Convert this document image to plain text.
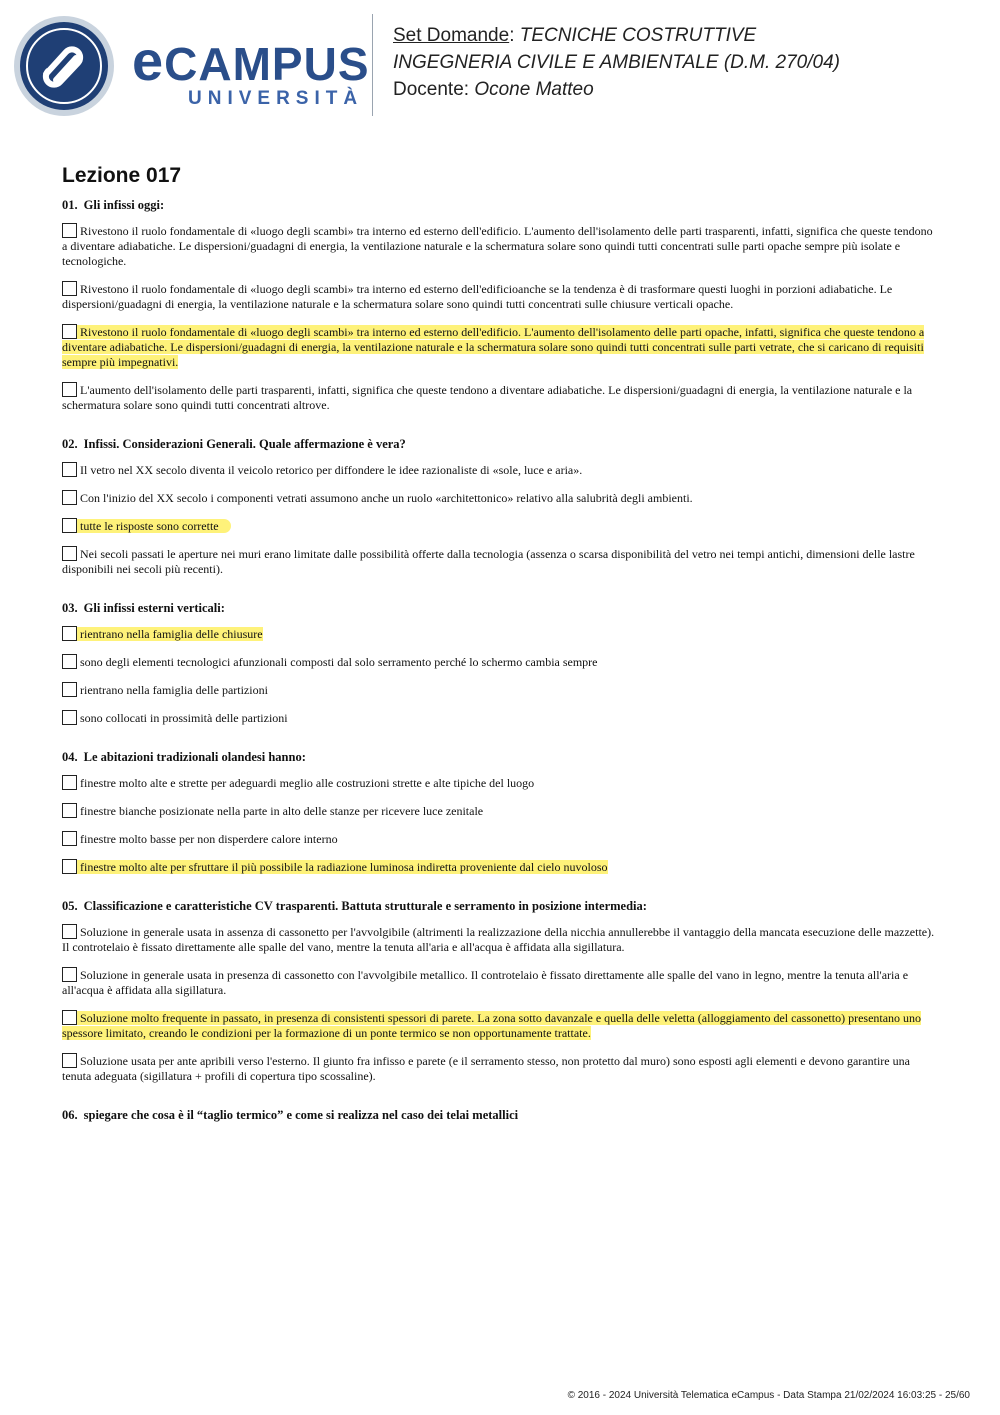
eCAMPUS
UNIVERSITÀ
Set Domande: TECNICHE COSTRUTTIVE
INGEGNERIA CIVILE E AMBIENTALE (D.M. 270/04)
Docente: Ocone Matteo
Lezione 017
01. Gli infissi oggi:
Rivestono il ruolo fondamentale di «luogo degli scambi» tra interno ed esterno dell'edificio. L'aumento dell'isolamento delle parti trasparenti, infatti, significa che queste tendono a diventare adiabatiche. Le dispersioni/guadagni di energia, la ventilazione naturale e la schermatura solare sono quindi tutti concentrati sulle parti opache sempre più isolate e tecnologiche.
Rivestono il ruolo fondamentale di «luogo degli scambi» tra interno ed esterno dell'edificioanche se la tendenza è di trasformare questi luoghi in porzioni adiabatiche. Le dispersioni/guadagni di energia, la ventilazione naturale e la schermatura solare sono quindi tutti concentrati sulle chiusure verticali opache.
Rivestono il ruolo fondamentale di «luogo degli scambi» tra interno ed esterno dell'edificio. L'aumento dell'isolamento delle parti opache, infatti, significa che queste tendono a diventare adiabatiche. Le dispersioni/guadagni di energia, la ventilazione naturale e la schermatura solare sono quindi tutti concentrati sulle parti vetrate, che si caricano di requisiti sempre più impegnativi.
L'aumento dell'isolamento delle parti trasparenti, infatti, significa che queste tendono a diventare adiabatiche. Le dispersioni/guadagni di energia, la ventilazione naturale e la schermatura solare sono quindi tutti concentrati altrove.
02. Infissi. Considerazioni Generali. Quale affermazione è vera?
Il vetro nel XX secolo diventa il veicolo retorico per diffondere le idee razionaliste di «sole, luce e aria».
Con l'inizio del XX secolo i componenti vetrati assumono anche un ruolo «architettonico» relativo alla salubrità degli ambienti.
tutte le risposte sono corrette
Nei secoli passati le aperture nei muri erano limitate dalle possibilità offerte dalla tecnologia (assenza o scarsa disponibilità del vetro nei tempi antichi, dimensioni delle lastre disponibili nei secoli più recenti).
03. Gli infissi esterni verticali:
rientrano nella famiglia delle chiusure
sono degli elementi tecnologici afunzionali composti dal solo serramento perché lo schermo cambia sempre
rientrano nella famiglia delle partizioni
sono collocati in prossimità delle partizioni
04. Le abitazioni tradizionali olandesi hanno:
finestre molto alte e strette per adeguardi meglio alle costruzioni strette e alte tipiche del luogo
finestre bianche posizionate nella parte in alto delle stanze per ricevere luce zenitale
finestre molto basse per non disperdere calore interno
finestre molto alte per sfruttare il più possibile la radiazione luminosa indiretta proveniente dal cielo nuvoloso
05. Classificazione e caratteristiche CV trasparenti. Battuta strutturale e serramento in posizione intermedia:
Soluzione in generale usata in assenza di cassonetto per l'avvolgibile (altrimenti la realizzazione della nicchia annullerebbe il vantaggio della mancata esecuzione delle mazzette). Il controtelaio è fissato direttamente alle spalle del vano, mentre la tenuta all'aria e all'acqua è affidata alla sigillatura.
Soluzione in generale usata in presenza di cassonetto con l'avvolgibile metallico. Il controtelaio è fissato direttamente alle spalle del vano in legno, mentre la tenuta all'aria e all'acqua è affidata alla sigillatura.
Soluzione molto frequente in passato, in presenza di consistenti spessori di parete. La zona sotto davanzale e quella delle veletta (alloggiamento del cassonetto) presentano uno spessore limitato, creando le condizioni per la formazione di un ponte termico se non opportunamente trattate.
Soluzione usata per ante apribili verso l'esterno. Il giunto fra infisso e parete (e il serramento stesso, non protetto dal muro) sono esposti agli elementi e devono garantire una tenuta adeguata (sigillatura + profili di copertura tipo scossaline).
06. spiegare che cosa è il “taglio termico” e come si realizza nel caso dei telai metallici
© 2016 - 2024 Università Telematica eCampus - Data Stampa 21/02/2024 16:03:25 - 25/60
